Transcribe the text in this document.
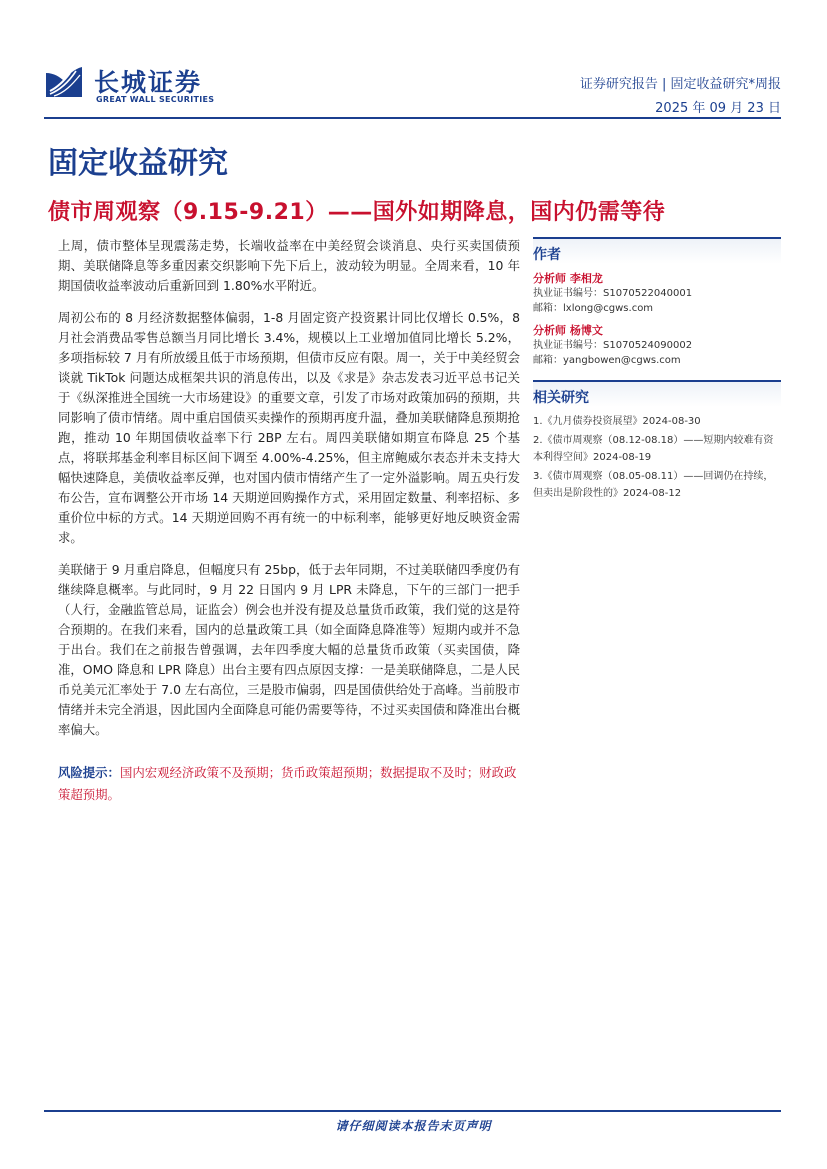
长城证券
GREAT WALL SECURITIES
证券研究报告 | 固定收益研究*周报
2025 年 09 月 23 日
固定收益研究
债市周观察（9.15-9.21）——国外如期降息，国内仍需等待

上周，债市整体呈现震荡走势，长端收益率在中美经贸会谈消息、央行买卖国债预期、美联储降息等多重因素交织影响下先下后上，波动较为明显。全周来看，10 年期国债收益率波动后重新回到 1.80%水平附近。

周初公布的 8 月经济数据整体偏弱，1-8 月固定资产投资累计同比仅增长 0.5%，8 月社会消费品零售总额当月同比增长 3.4%，规模以上工业增加值同比增长 5.2%，多项指标较 7 月有所放缓且低于市场预期，但债市反应有限。周一，关于中美经贸会谈就 TikTok 问题达成框架共识的消息传出，以及《求是》杂志发表习近平总书记关于《纵深推进全国统一大市场建设》的重要文章，引发了市场对政策加码的预期，共同影响了债市情绪。周中重启国债买卖操作的预期再度升温，叠加美联储降息预期抢跑，推动 10 年期国债收益率下行 2BP 左右。周四美联储如期宣布降息 25 个基点，将联邦基金利率目标区间下调至 4.00%-4.25%，但主席鲍威尔表态并未支持大幅快速降息，美债收益率反弹，也对国内债市情绪产生了一定外溢影响。周五央行发布公告，宣布调整公开市场 14 天期逆回购操作方式，采用固定数量、利率招标、多重价位中标的方式。14 天期逆回购不再有统一的中标利率，能够更好地反映资金需求。

美联储于 9 月重启降息，但幅度只有 25bp，低于去年同期，不过美联储四季度仍有继续降息概率。与此同时，9 月 22 日国内 9 月 LPR 未降息，下午的三部门一把手（人行，金融监管总局，证监会）例会也并没有提及总量货币政策，我们觉的这是符合预期的。在我们来看，国内的总量政策工具（如全面降息降准等）短期内或并不急于出台。我们在之前报告曾强调，去年四季度大幅的总量货币政策（买卖国债，降准，OMO 降息和 LPR 降息）出台主要有四点原因支撑：一是美联储降息，二是人民币兑美元汇率处于 7.0 左右高位，三是股市偏弱，四是国债供给处于高峰。当前股市情绪并未完全消退，因此国内全面降息可能仍需要等待，不过买卖国债和降准出台概率偏大。

风险提示：国内宏观经济政策不及预期；货币政策超预期；数据提取不及时；财政政策超预期。
作者
分析师 李相龙
执业证书编号：S1070522040001
邮箱：lxlong@cgws.com
分析师 杨博文
执业证书编号：S1070524090002
邮箱：yangbowen@cgws.com
相关研究
1.《九月债券投资展望》2024-08-30
2.《债市周观察（08.12-08.18）——短期内较难有资本利得空间》2024-08-19
3.《债市周观察（08.05-08.11）——回调仍在持续，但卖出是阶段性的》2024-08-12
请仔细阅读本报告末页声明
